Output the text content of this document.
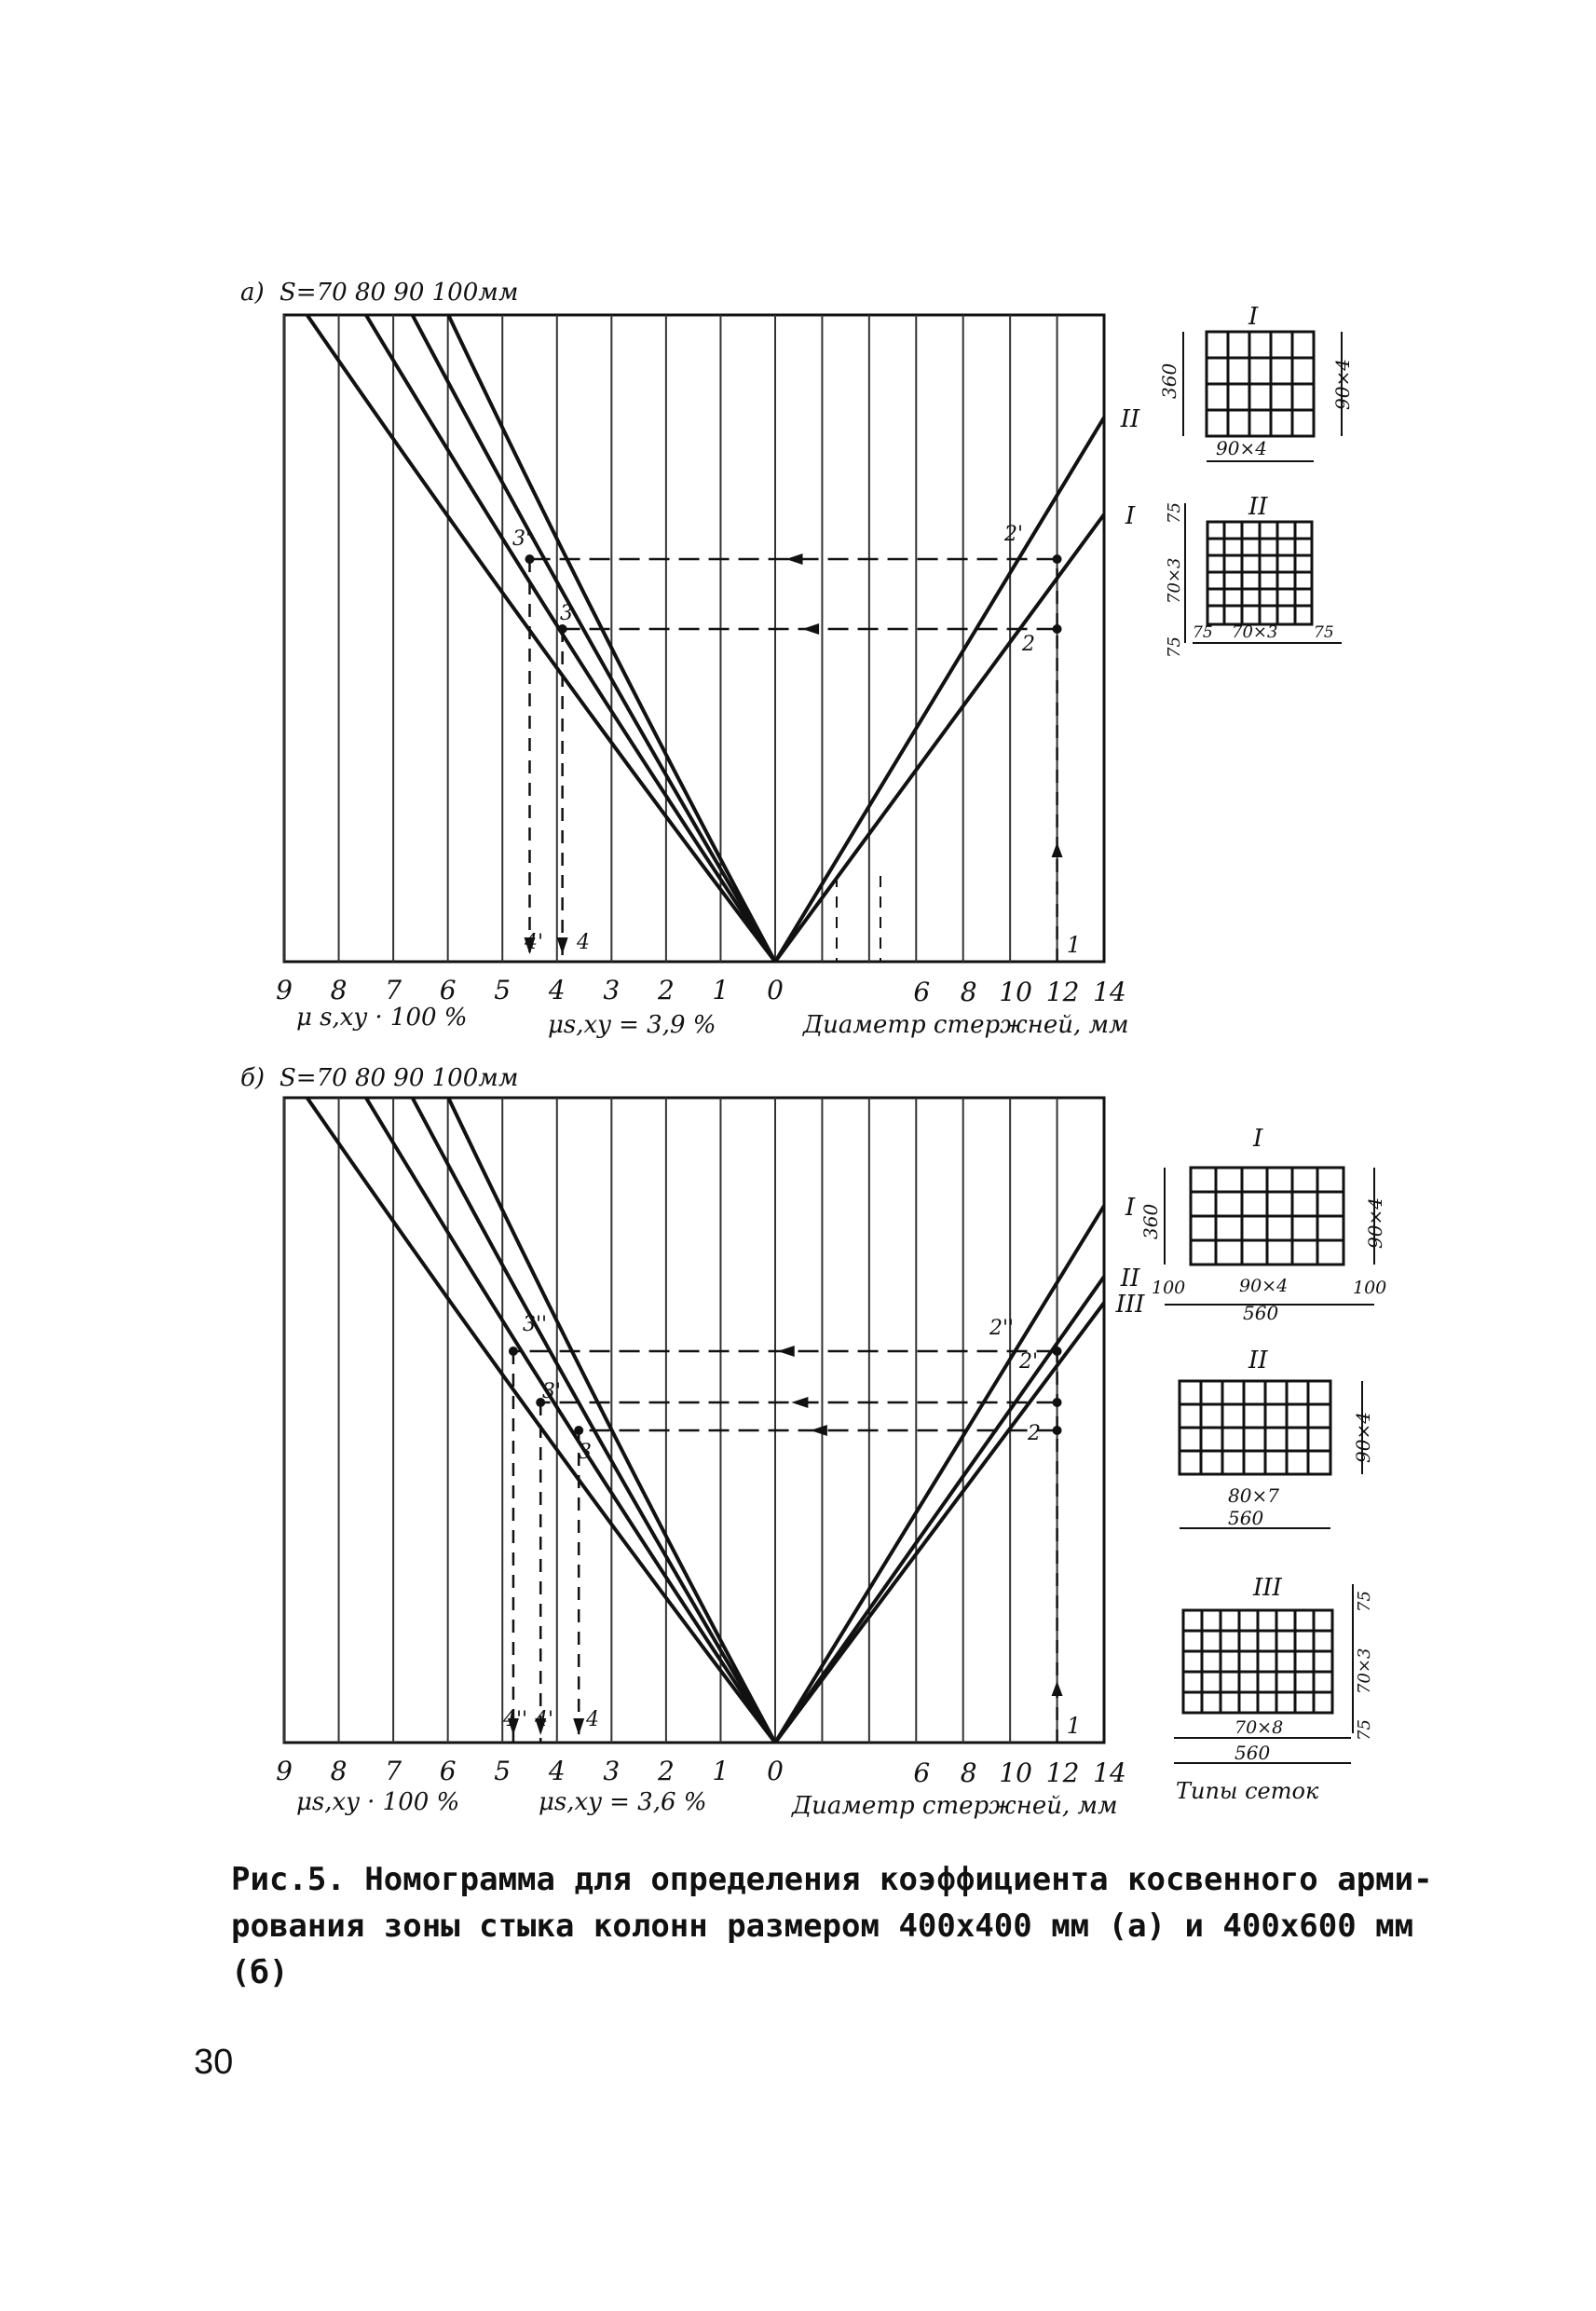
9 8 7 6 5 4 3 2 1 0	6 8 10 12 14
I
II
1
2'
2
3'
3
4' 4
а) S=70 80 90 100мм
μ s,xy · 100 %	μs,xy = 3,9 %	Диаметр стержней, мм
9 8 7 6 5 4 3 2 1 0	6 8 10 12 14
I
II
III
1
2''
2'
2
3''
3'
3
4'' 4' 4
б) S=70 80 90 100мм
μs,xy · 100 %	μs,xy = 3,6 %	Диаметр стержней, мм
I
360
90×4
90×4
II
75
70×3
75
75 70×3 75
I
360	90×4
100	90×4	100
560
II
90×4
80×7
560
III	75
70×3
75
70×8
560
Типы сеток

Рис.5. Номограмма для определения коэффициента косвенного арми-
рования зоны стыка колонн размером 400х400 мм (а) и 400х600 мм (б)

30
